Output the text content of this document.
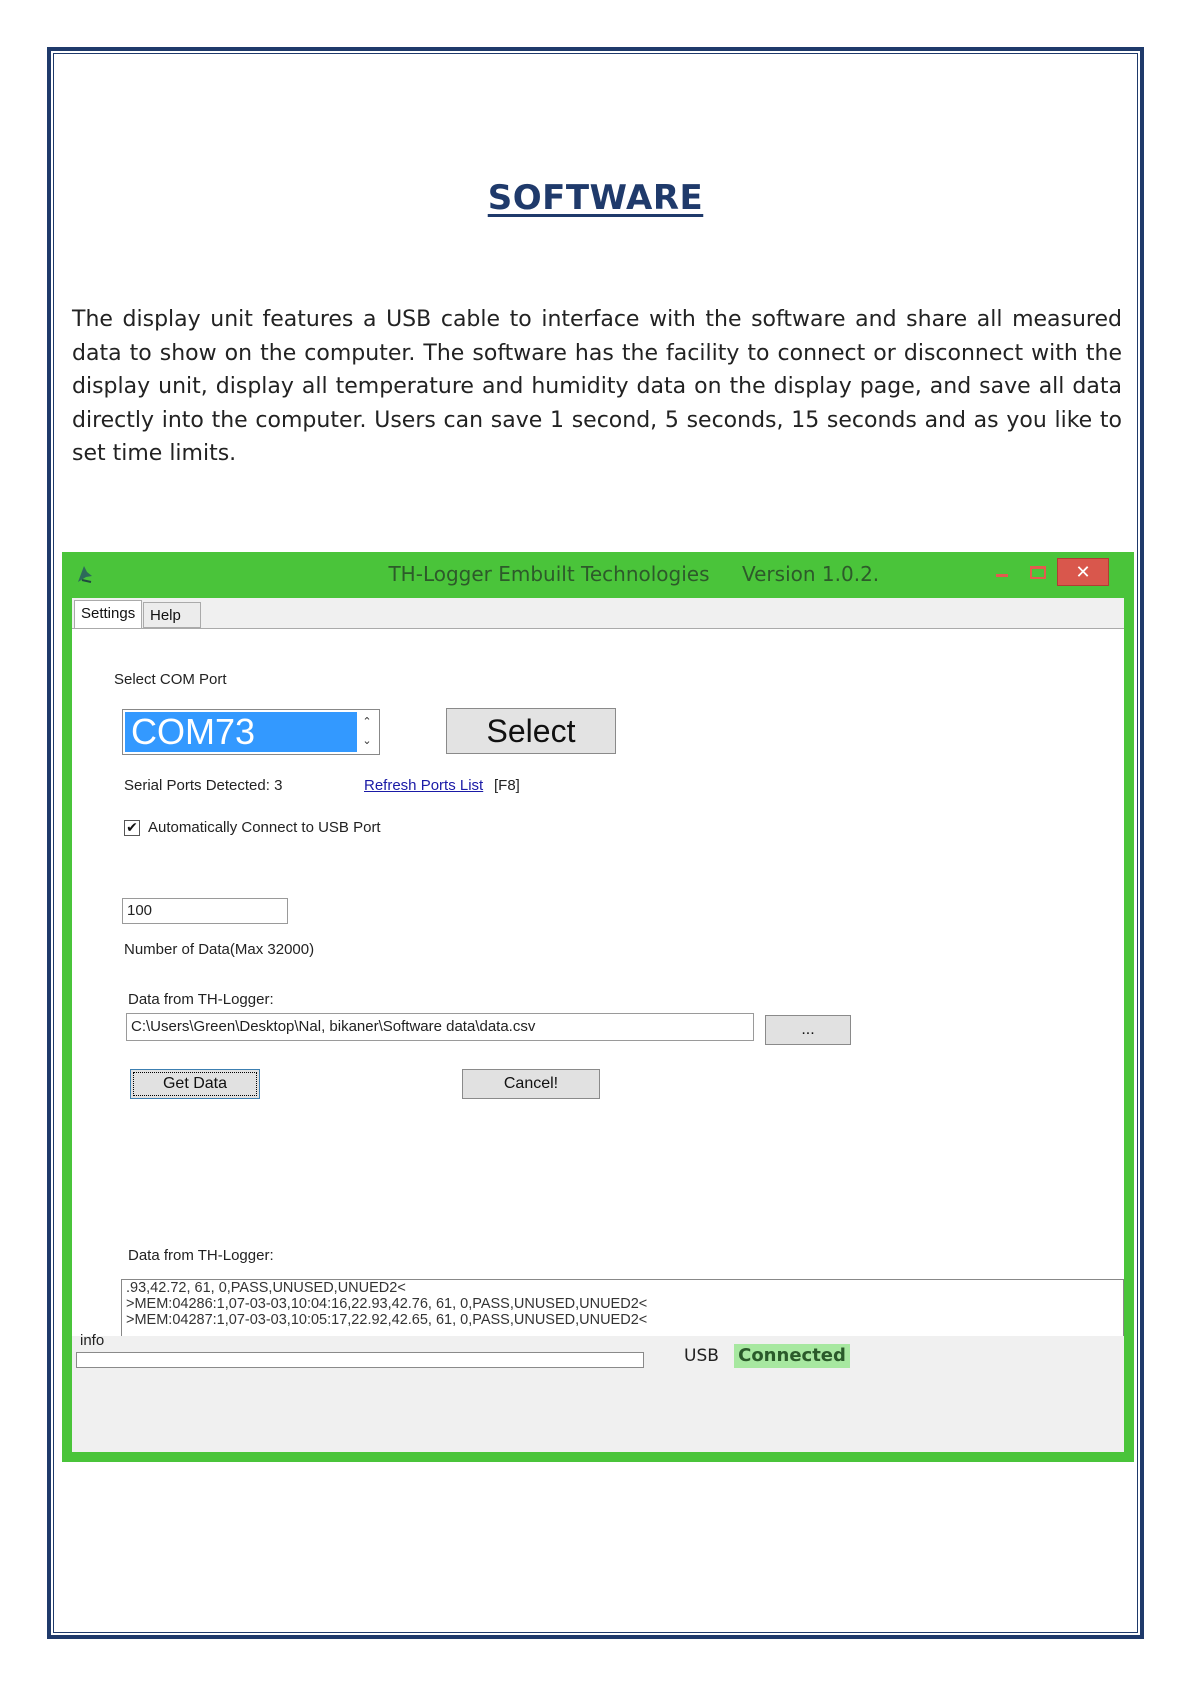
SOFTWARE
The display unit features a USB cable to interface with the software and share all measured data to show on the computer. The software has the facility to connect or disconnect with the display unit, display all temperature and humidity data on the display page, and save all data directly into the computer. Users can save 1 second, 5 seconds, 15 seconds and as you like to set time limits.
TH-Logger Embuilt Technologies	Version 1.0.2.	✕
Settings Help
Select COM Port
COM73	⌃
⌄	Select
Serial Ports Detected: 3	Refresh Ports List [F8]
✔ Automatically Connect to USB Port
100
Number of Data(Max 32000)
Data from TH-Logger:
C:\Users\Green\Desktop\Nal, bikaner\Software data\data.csv	...
Get Data	Cancel!
Data from TH-Logger:
.93,42.72, 61, 0,PASS,UNUSED,UNUED2<
>MEM:04286:1,07-03-03,10:04:16,22.93,42.76, 61, 0,PASS,UNUSED,UNUED2<
>MEM:04287:1,07-03-03,10:05:17,22.92,42.65, 61, 0,PASS,UNUSED,UNUED2<
info
USB Connected
